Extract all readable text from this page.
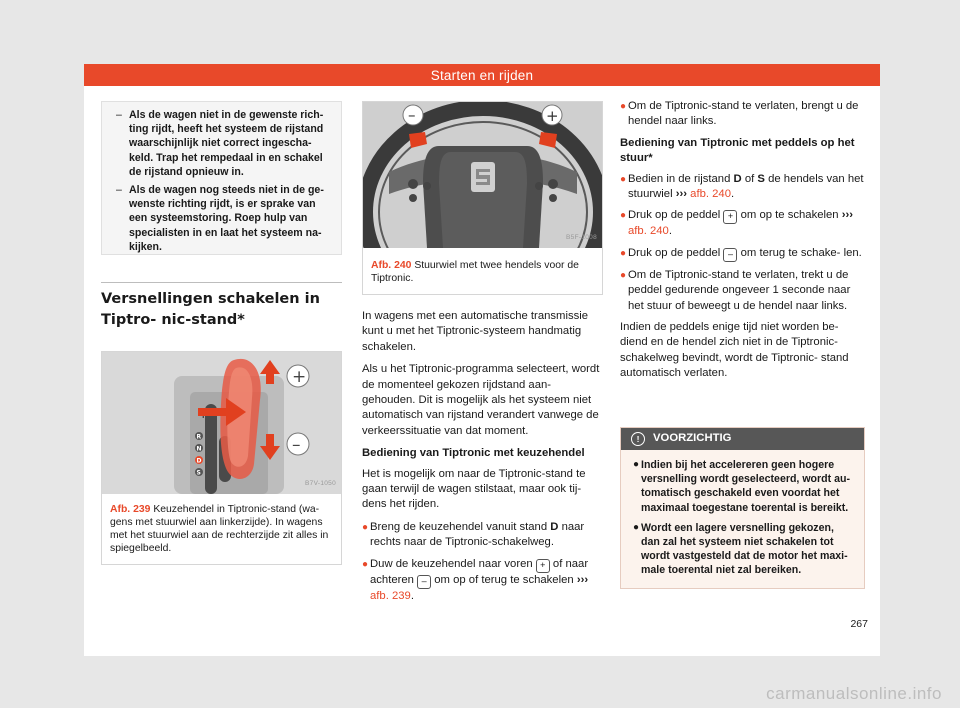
Starten en rijden
– Als de wagen niet in de gewenste rich- ting rijdt, heeft het systeem de rijstand waarschijnlijk niet correct ingescha- keld. Trap het rempedaal in en schakel de rijstand opnieuw in.
– Als de wagen nog steeds niet in de ge- wenste richting rijdt, is er sprake van een systeemstoring. Roep hulp van specialisten in en laat het systeem na- kijken.
Versnellingen schakelen in Tiptro- nic-stand*
R
N
D
S
+
–
B7V-1050
Afb. 239 Keuzehendel in Tiptronic-stand (wa- gens met stuurwiel aan linkerzijde). In wagens met het stuurwiel aan de rechterzijde zit alles in spiegelbeeld.
–	+
B5F-1008
Afb. 240 Stuurwiel met twee hendels voor de Tiptronic.

In wagens met een automatische transmissie kunt u met het Tiptronic-systeem handmatig schakelen.

Als u het Tiptronic-programma selecteert, wordt de momenteel gekozen rijdstand aan- gehouden. Dit is mogelijk als het systeem niet automatisch van rijstand verandert vanwege de verkeerssituatie van dat moment.

Bediening van Tiptronic met keuzehendel

Het is mogelijk om naar de Tiptronic-stand te gaan terwijl de wagen stilstaat, maar ook tij- dens het rijden.

● Breng de keuzehendel vanuit stand D naar rechts naar de Tiptronic-schakelweg.
● Duw de keuzehendel naar voren + of naar achteren – om op of terug te schakelen ››› afb. 239.
● Om de Tiptronic-stand te verlaten, brengt u de hendel naar links.

Bediening van Tiptronic met peddels op het stuur*

● Bedien in de rijstand D of S de hendels van het stuurwiel ››› afb. 240.
● Druk op de peddel + om op te schakelen ››› afb. 240.
● Druk op de peddel – om terug te schake- len.
● Om de Tiptronic-stand te verlaten, trekt u de peddel gedurende ongeveer 1 seconde naar het stuur of beweegt u de hendel naar links.

Indien de peddels enige tijd niet worden be- diend en de hendel zich niet in de Tiptronic- schakelweg bevindt, wordt de Tiptronic- stand automatisch verlaten.

!	VOORZICHTIG
● Indien bij het accelereren geen hogere versnelling wordt geselecteerd, wordt au- tomatisch geschakeld even voordat het maximaal toegestane toerental is bereikt.
● Wordt een lagere versnelling gekozen, dan zal het systeem niet schakelen tot wordt vastgesteld dat de motor het maxi- male toerental niet zal bereiken.
267
carmanualsonline.info
